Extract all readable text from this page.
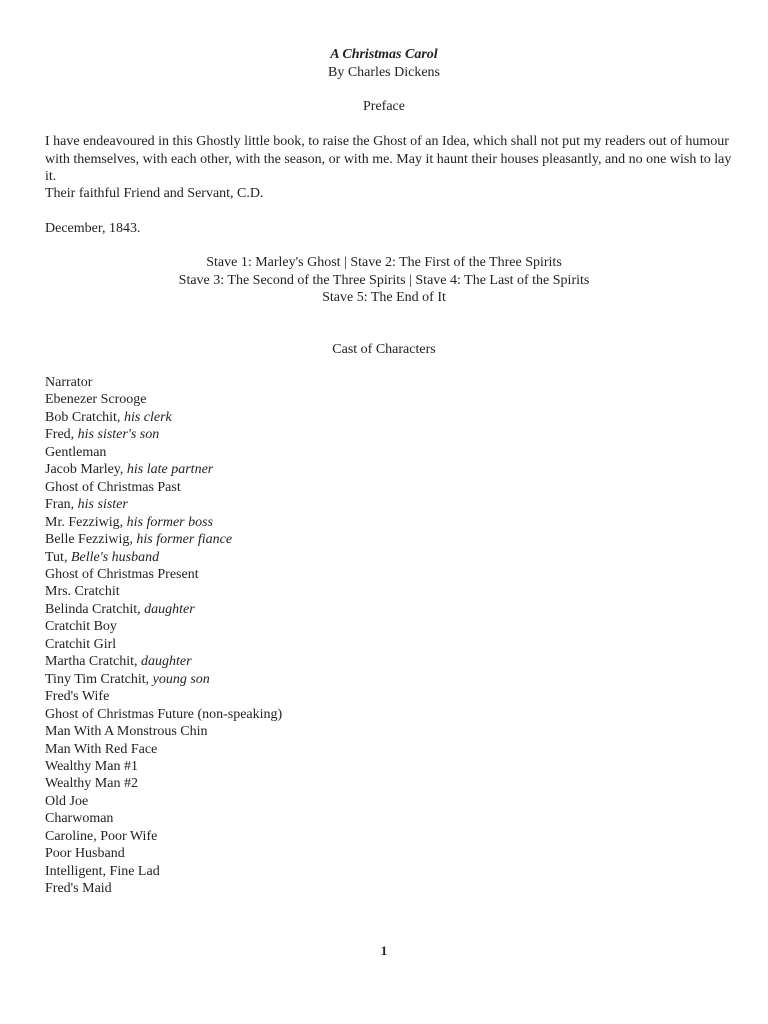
A Christmas Carol
By Charles Dickens
Preface

I have endeavoured in this Ghostly little book, to raise the Ghost of an Idea, which shall not put my readers out of humour with themselves, with each other, with the season, or with me. May it haunt their houses pleasantly, and no one wish to lay it.

Their faithful Friend and Servant, C.D.
December, 1843.
Stave 1: Marley's Ghost | Stave 2: The First of the Three Spirits
Stave 3: The Second of the Three Spirits | Stave 4: The Last of the Spirits
Stave 5: The End of It
Cast of Characters
Narrator
Ebenezer Scrooge
Bob Cratchit, his clerk
Fred, his sister's son
Gentleman
Jacob Marley, his late partner
Ghost of Christmas Past
Fran, his sister
Mr. Fezziwig, his former boss
Belle Fezziwig, his former fiance
Tut, Belle's husband
Ghost of Christmas Present
Mrs. Cratchit
Belinda Cratchit, daughter
Cratchit Boy
Cratchit Girl
Martha Cratchit, daughter
Tiny Tim Cratchit, young son
Fred's Wife
Ghost of Christmas Future (non-speaking)
Man With A Monstrous Chin
Man With Red Face
Wealthy Man #1
Wealthy Man #2
Old Joe
Charwoman
Caroline, Poor Wife
Poor Husband
Intelligent, Fine Lad
Fred's Maid
1
